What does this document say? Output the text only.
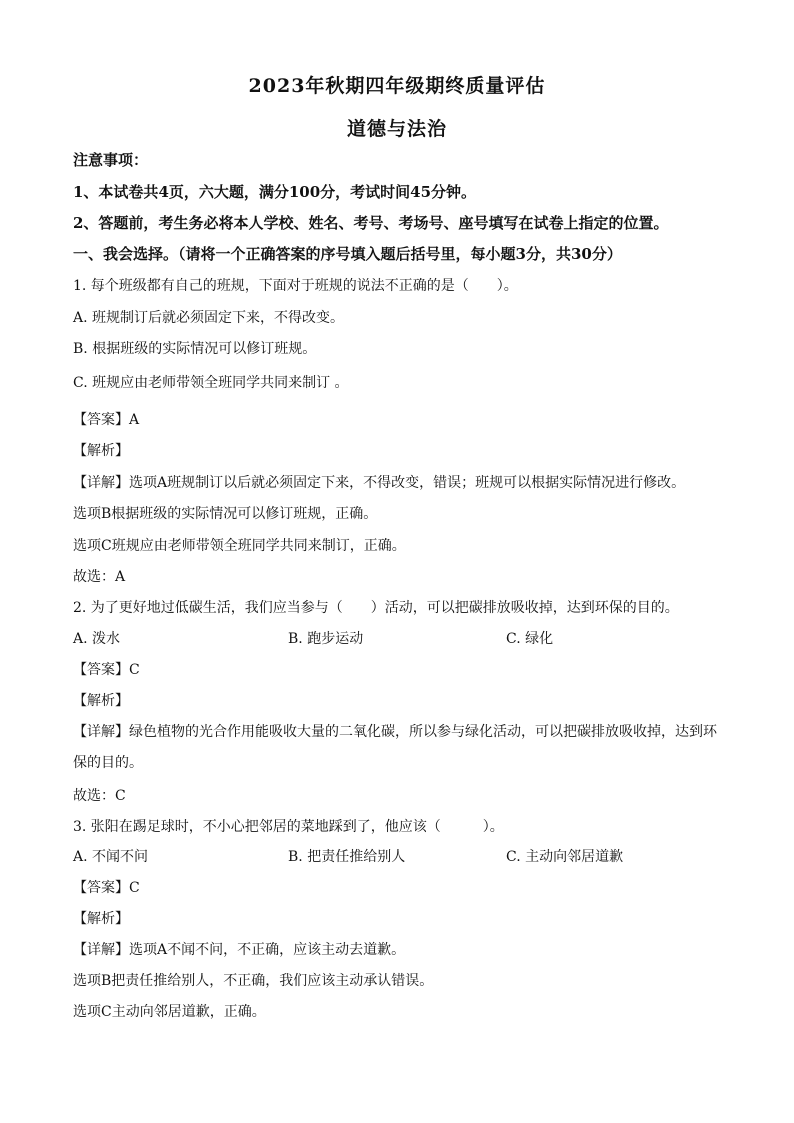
2023年秋期四年级期终质量评估
道德与法治
注意事项：
1、本试卷共4页，六大题，满分100分，考试时间45分钟。
2、答题前，考生务必将本人学校、姓名、考号、考场号、座号填写在试卷上指定的位置。
一、我会选择。（请将一个正确答案的序号填入题后括号里，每小题3分，共30分）
1. 每个班级都有自己的班规，下面对于班规的说法不正确的是（　　）。
A. 班规制订后就必须固定下来，不得改变。
B. 根据班级的实际情况可以修订班规。
C. 班规应由老师带领全班同学共同来制订 。
【答案】A
【解析】
【详解】选项A班规制订以后就必须固定下来，不得改变，错误；班规可以根据实际情况进行修改。
选项B根据班级的实际情况可以修订班规，正确。
选项C班规应由老师带领全班同学共同来制订，正确。
故选：A
2. 为了更好地过低碳生活，我们应当参与（　　）活动，可以把碳排放吸收掉，达到环保的目的。
A. 泼水	B. 跑步运动	C. 绿化
【答案】C
【解析】
【详解】绿色植物的光合作用能吸收大量的二氧化碳，所以参与绿化活动，可以把碳排放吸收掉，达到环保的目的。
故选：C
3. 张阳在踢足球时，不小心把邻居的菜地踩到了，他应该（　　　）。
A. 不闻不问	B. 把责任推给别人	C. 主动向邻居道歉
【答案】C
【解析】
【详解】选项A不闻不问，不正确，应该主动去道歉。
选项B把责任推给别人，不正确，我们应该主动承认错误。
选项C主动向邻居道歉，正确。
